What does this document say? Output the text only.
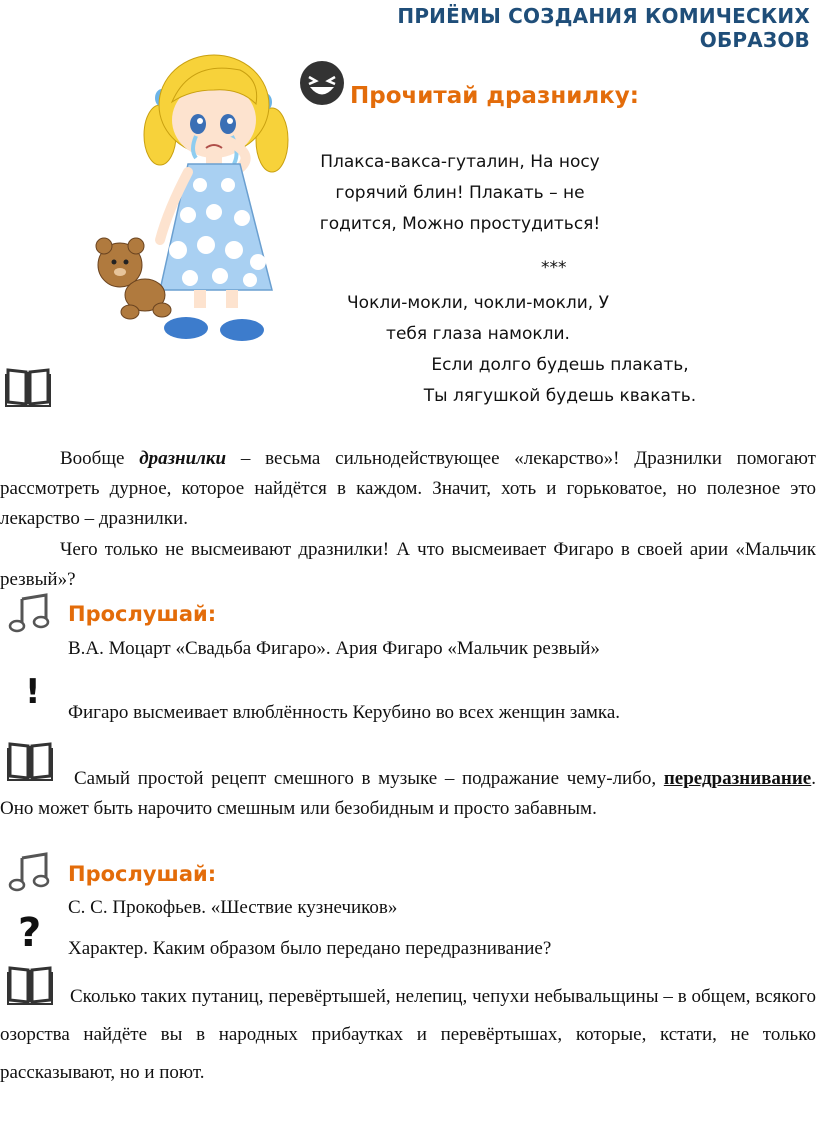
ПРИЁМЫ СОЗДАНИЯ КОМИЧЕСКИХ ОБРАЗОВ
Прочитай дразнилку:
Плакса-вакса-гуталин, На носу
горячий блин! Плакать – не
годится, Можно простудиться!
***
Чокли-мокли, чокли-мокли, У
тебя глаза намокли.
Если долго будешь плакать,
Ты лягушкой будешь квакать.
Вообще дразнилки – весьма сильнодействующее «лекарство»! Дразнилки помогают рассмотреть дурное, которое найдётся в каждом. Значит, хоть и горьковатое, но полезное это лекарство – дразнилки.
Чего только не высмеивают дразнилки! А что высмеивает Фигаро в своей арии «Мальчик резвый»?
Прослушай:
В.А. Моцарт «Свадьба Фигаро». Ария Фигаро «Мальчик резвый»
!
Фигаро высмеивает влюблённость Керубино во всех женщин замка.
Самый простой рецепт смешного в музыке – подражание чему-либо, передразнивание. Оно может быть нарочито смешным или безобидным и просто забавным.
Прослушай:
С. С. Прокофьев. «Шествие кузнечиков»
? Характер. Каким образом было передано передразнивание?
Сколько таких путаниц, перевёртышей, нелепиц, чепухи небывальщины – в общем, всякого озорства найдёте вы в народных прибаутках и перевёртышах, которые, кстати, не только рассказывают, но и поют.
